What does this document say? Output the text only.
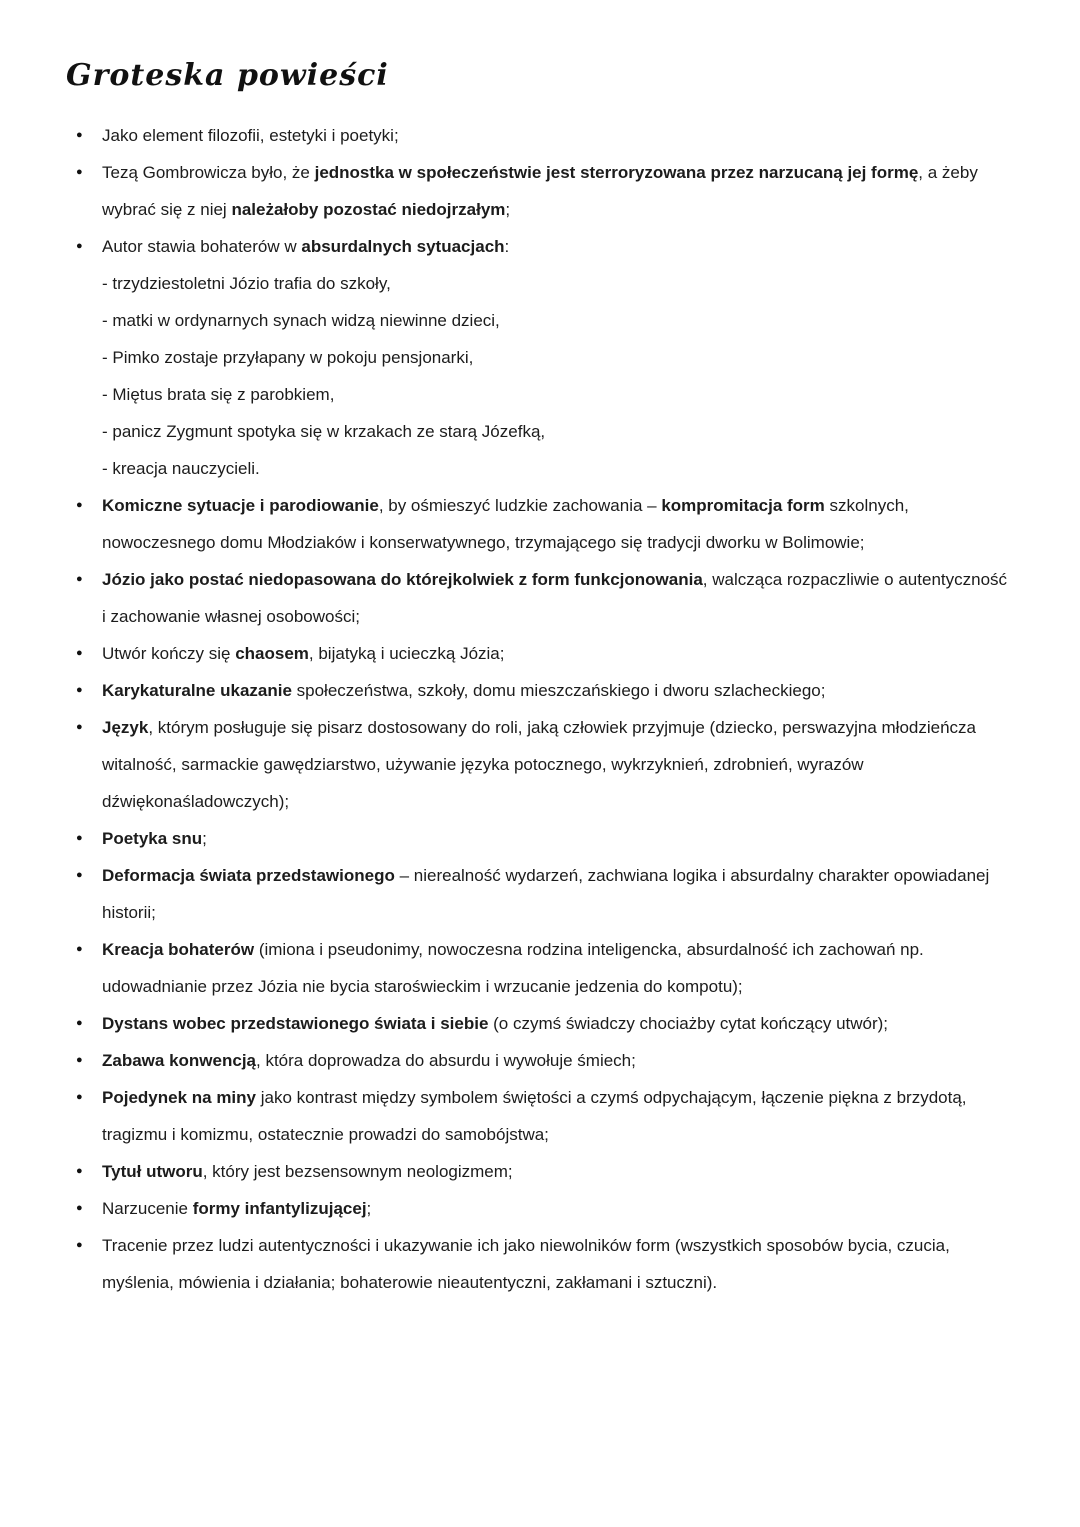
Groteska powieści
●	Jako element filozofii, estetyki i poetyki;
●	Tezą Gombrowicza było, że jednostka w społeczeństwie jest sterroryzowana przez narzucaną jej formę, a żeby wybrać się z niej należałoby pozostać niedojrzałym;
●	Autor stawia bohaterów w absurdalnych sytuacjach:
- trzydziestoletni Józio trafia do szkoły,
- matki w ordynarnych synach widzą niewinne dzieci,
- Pimko zostaje przyłapany w pokoju pensjonarki,
- Miętus brata się z parobkiem,
- panicz Zygmunt spotyka się w krzakach ze starą Józefką,
- kreacja nauczycieli.
●	Komiczne sytuacje i parodiowanie, by ośmieszyć ludzkie zachowania – kompromitacja form szkolnych, nowoczesnego domu Młodziaków i konserwatywnego, trzymającego się tradycji dworku w Bolimowie;
●	Józio jako postać niedopasowana do którejkolwiek z form funkcjonowania, walcząca rozpaczliwie o autentyczność i zachowanie własnej osobowości;
●	Utwór kończy się chaosem, bijatyką i ucieczką Józia;
●	Karykaturalne ukazanie społeczeństwa, szkoły, domu mieszczańskiego i dworu szlacheckiego;
●	Język, którym posługuje się pisarz dostosowany do roli, jaką człowiek przyjmuje (dziecko, perswazyjna młodzieńcza witalność, sarmackie gawędziarstwo, używanie języka potocznego, wykrzyknień, zdrobnień, wyrazów dźwiękonaśladowczych);
●	Poetyka snu;
●	Deformacja świata przedstawionego – nierealność wydarzeń, zachwiana logika i absurdalny charakter opowiadanej historii;
●	Kreacja bohaterów (imiona i pseudonimy, nowoczesna rodzina inteligencka, absurdalność ich zachowań np. udowadnianie przez Józia nie bycia staroświeckim i wrzucanie jedzenia do kompotu);
●	Dystans wobec przedstawionego świata i siebie (o czymś świadczy chociażby cytat kończący utwór);
●	Zabawa konwencją, która doprowadza do absurdu i wywołuje śmiech;
●	Pojedynek na miny jako kontrast między symbolem świętości a czymś odpychającym, łączenie piękna z brzydotą, tragizmu i komizmu, ostatecznie prowadzi do samobójstwa;
●	Tytuł utworu, który jest bezsensownym neologizmem;
●	Narzucenie formy infantylizującej;
●	Tracenie przez ludzi autentyczności i ukazywanie ich jako niewolników form (wszystkich sposobów bycia, czucia, myślenia, mówienia i działania; bohaterowie nieautentyczni, zakłamani i sztuczni).
